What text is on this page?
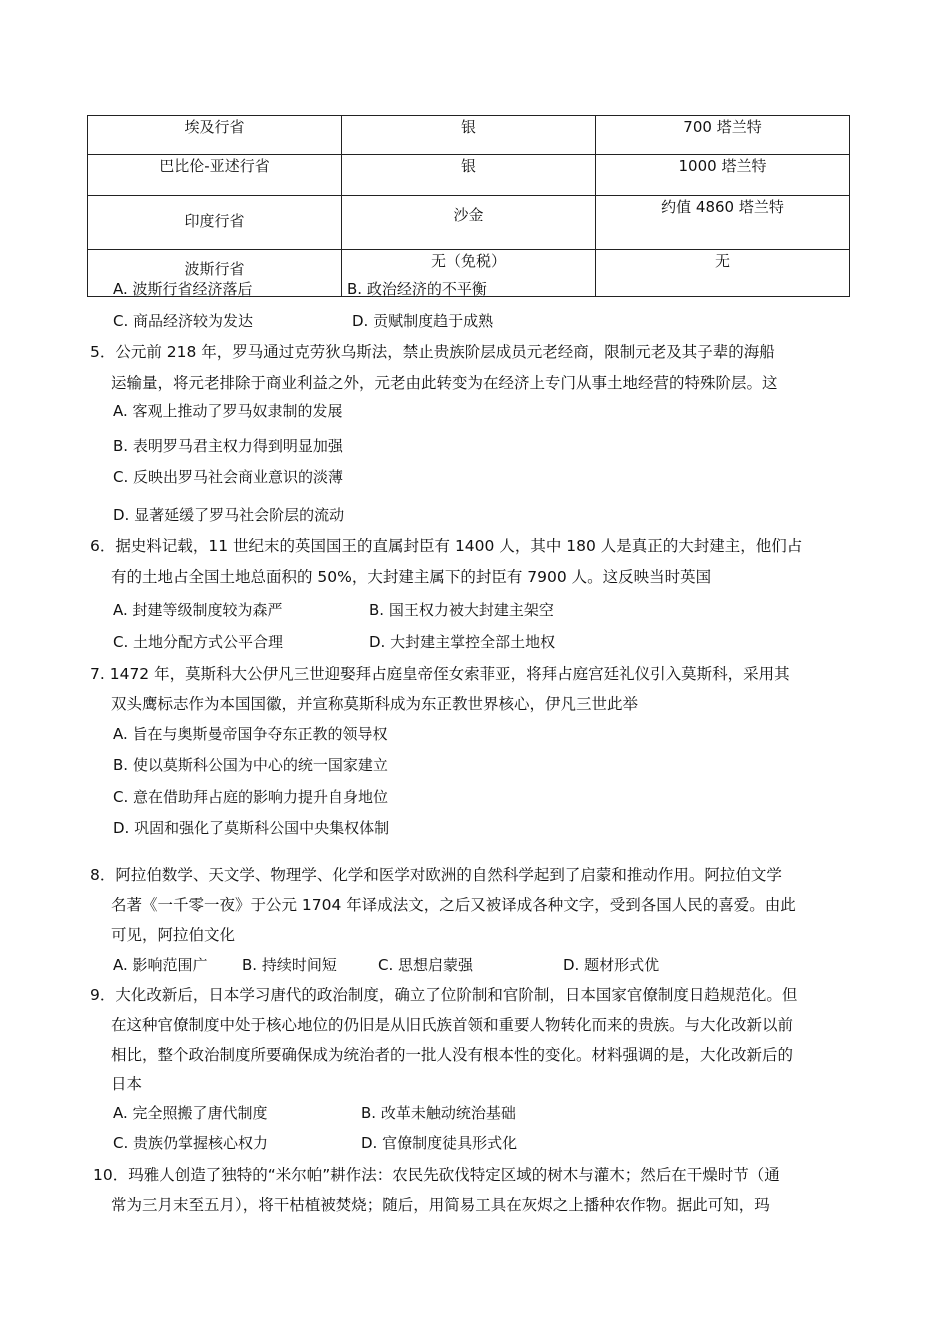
埃及行省	银	700 塔兰特
巴比伦-亚述行省	银	1000 塔兰特
印度行省	沙金	约值 4860 塔兰特
波斯行省	无（免税）	无
A. 波斯行省经济落后	B. 政治经济的不平衡
C. 商品经济较为发达	D. 贡赋制度趋于成熟
5．公元前 218 年，罗马通过克劳狄乌斯法，禁止贵族阶层成员元老经商，限制元老及其子辈的海船
运输量，将元老排除于商业利益之外，元老由此转变为在经济上专门从事土地经营的特殊阶层。这
A. 客观上推动了罗马奴隶制的发展
B. 表明罗马君主权力得到明显加强
C. 反映出罗马社会商业意识的淡薄
D. 显著延缓了罗马社会阶层的流动
6．据史料记载，11 世纪末的英国国王的直属封臣有 1400 人，其中 180 人是真正的大封建主，他们占
有的土地占全国土地总面积的 50%，大封建主属下的封臣有 7900 人。这反映当时英国
A. 封建等级制度较为森严	B. 国王权力被大封建主架空
C. 土地分配方式公平合理	D. 大封建主掌控全部土地权
7. 1472 年，莫斯科大公伊凡三世迎娶拜占庭皇帝侄女索菲亚，将拜占庭宫廷礼仪引入莫斯科，采用其
双头鹰标志作为本国国徽，并宣称莫斯科成为东正教世界核心，伊凡三世此举
A. 旨在与奥斯曼帝国争夺东正教的领导权
B. 使以莫斯科公国为中心的统一国家建立
C. 意在借助拜占庭的影响力提升自身地位
D. 巩固和强化了莫斯科公国中央集权体制
8．阿拉伯数学、天文学、物理学、化学和医学对欧洲的自然科学起到了启蒙和推动作用。阿拉伯文学
名著《一千零一夜》于公元 1704 年译成法文，之后又被译成各种文字，受到各国人民的喜爱。由此
可见，阿拉伯文化
A. 影响范围广 B. 持续时间短	C. 思想启蒙强	D. 题材形式优
9．大化改新后，日本学习唐代的政治制度，确立了位阶制和官阶制，日本国家官僚制度日趋规范化。但
在这种官僚制度中处于核心地位的仍旧是从旧氏族首领和重要人物转化而来的贵族。与大化改新以前
相比，整个政治制度所要确保成为统治者的一批人没有根本性的变化。材料强调的是，大化改新后的
日本
A. 完全照搬了唐代制度	B. 改革未触动统治基础
C. 贵族仍掌握核心权力	D. 官僚制度徒具形式化
10．玛雅人创造了独特的“米尔帕”耕作法：农民先砍伐特定区域的树木与灌木；然后在干燥时节（通
常为三月末至五月），将干枯植被焚烧；随后，用简易工具在灰烬之上播种农作物。据此可知，玛
